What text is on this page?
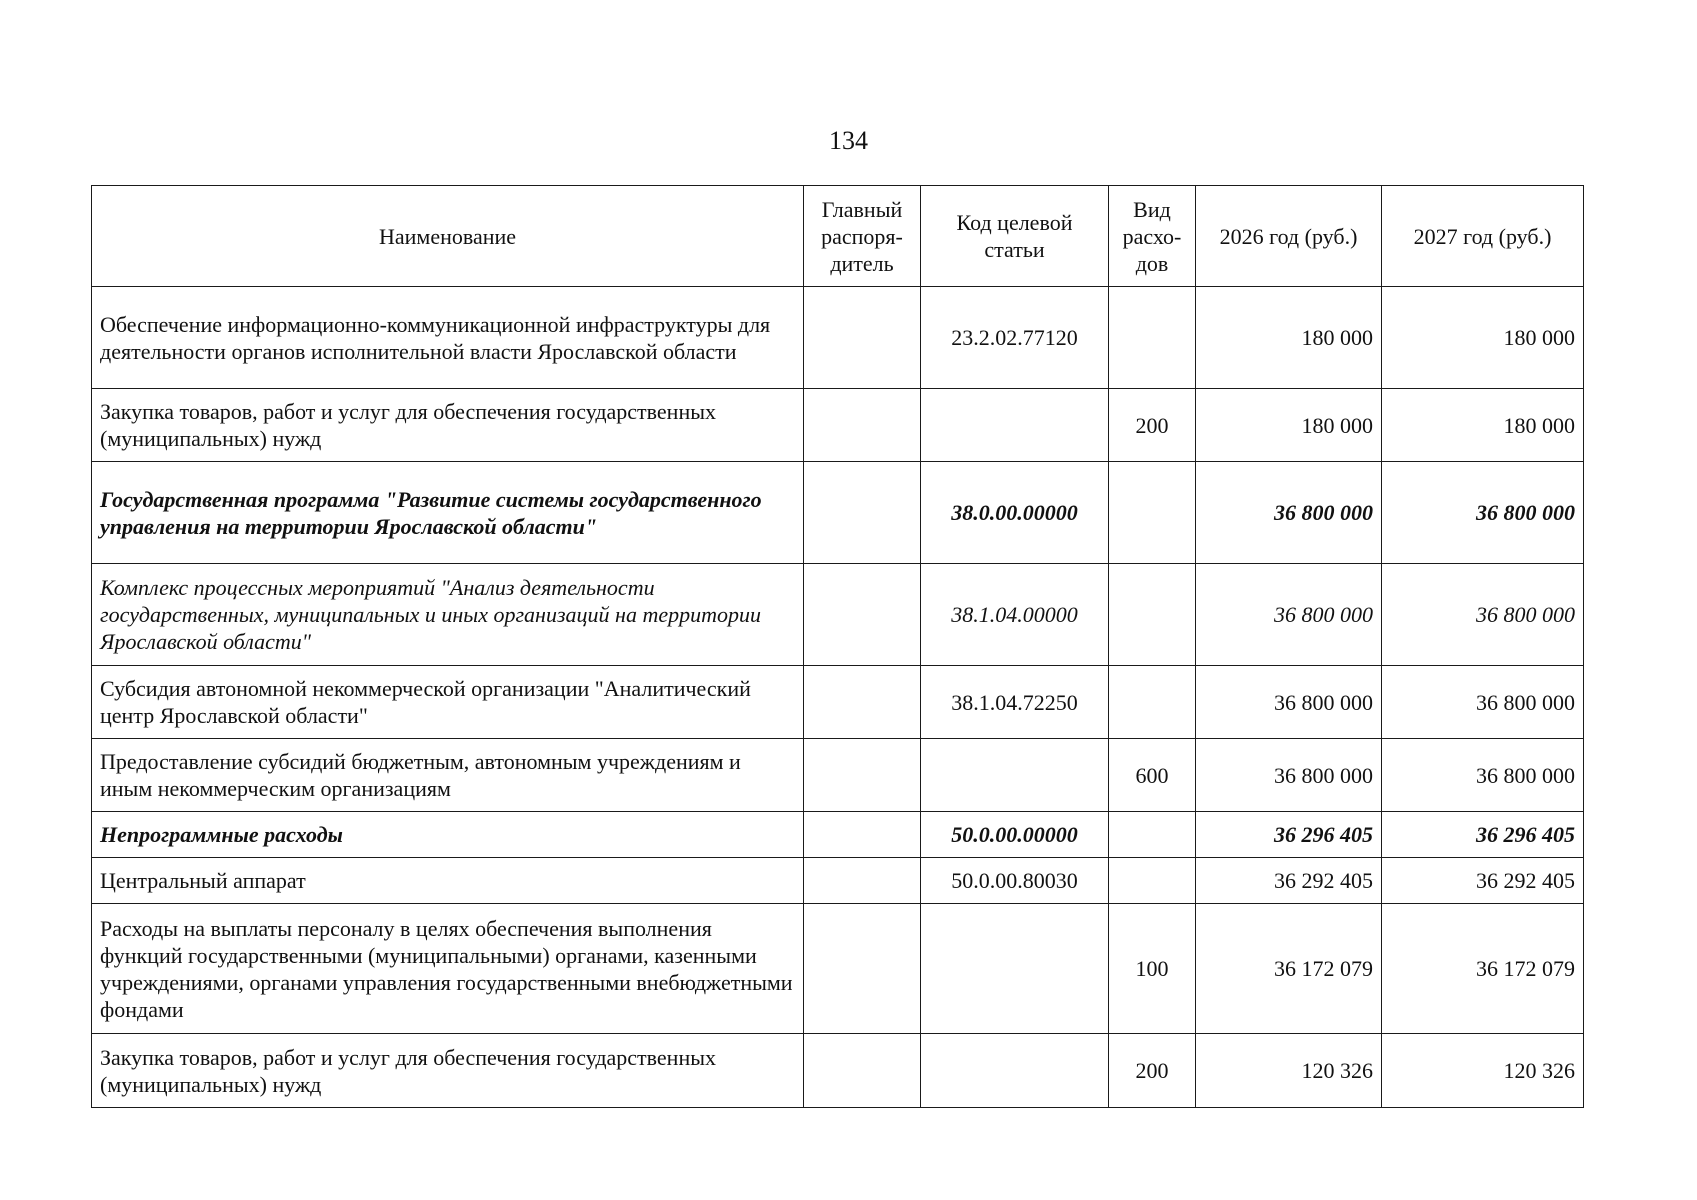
134
Наименование	Главный распоря-дитель	Код целевой статьи	Вид расхо-дов	2026 год (руб.)	2027 год (руб.)
Обеспечение информационно-коммуникационной инфраструктуры для деятельности органов исполнительной власти Ярославской области		23.2.02.77120		180 000	180 000
Закупка товаров, работ и услуг для обеспечения государственных (муниципальных) нужд			200	180 000	180 000
Государственная программа "Развитие системы государственного управления на территории Ярославской области"		38.0.00.00000		36 800 000	36 800 000
Комплекс процессных мероприятий "Анализ деятельности государственных, муниципальных и иных организаций на территории Ярославской области"		38.1.04.00000		36 800 000	36 800 000
Субсидия автономной некоммерческой организации "Аналитический центр Ярославской области"		38.1.04.72250		36 800 000	36 800 000
Предоставление субсидий бюджетным, автономным учреждениям и иным некоммерческим организациям			600	36 800 000	36 800 000
Непрограммные расходы		50.0.00.00000		36 296 405	36 296 405
Центральный аппарат		50.0.00.80030		36 292 405	36 292 405
Расходы на выплаты персоналу в целях обеспечения выполнения функций государственными (муниципальными) органами, казенными учреждениями, органами управления государственными внебюджетными фондами			100	36 172 079	36 172 079
Закупка товаров, работ и услуг для обеспечения государственных (муниципальных) нужд			200	120 326	120 326
